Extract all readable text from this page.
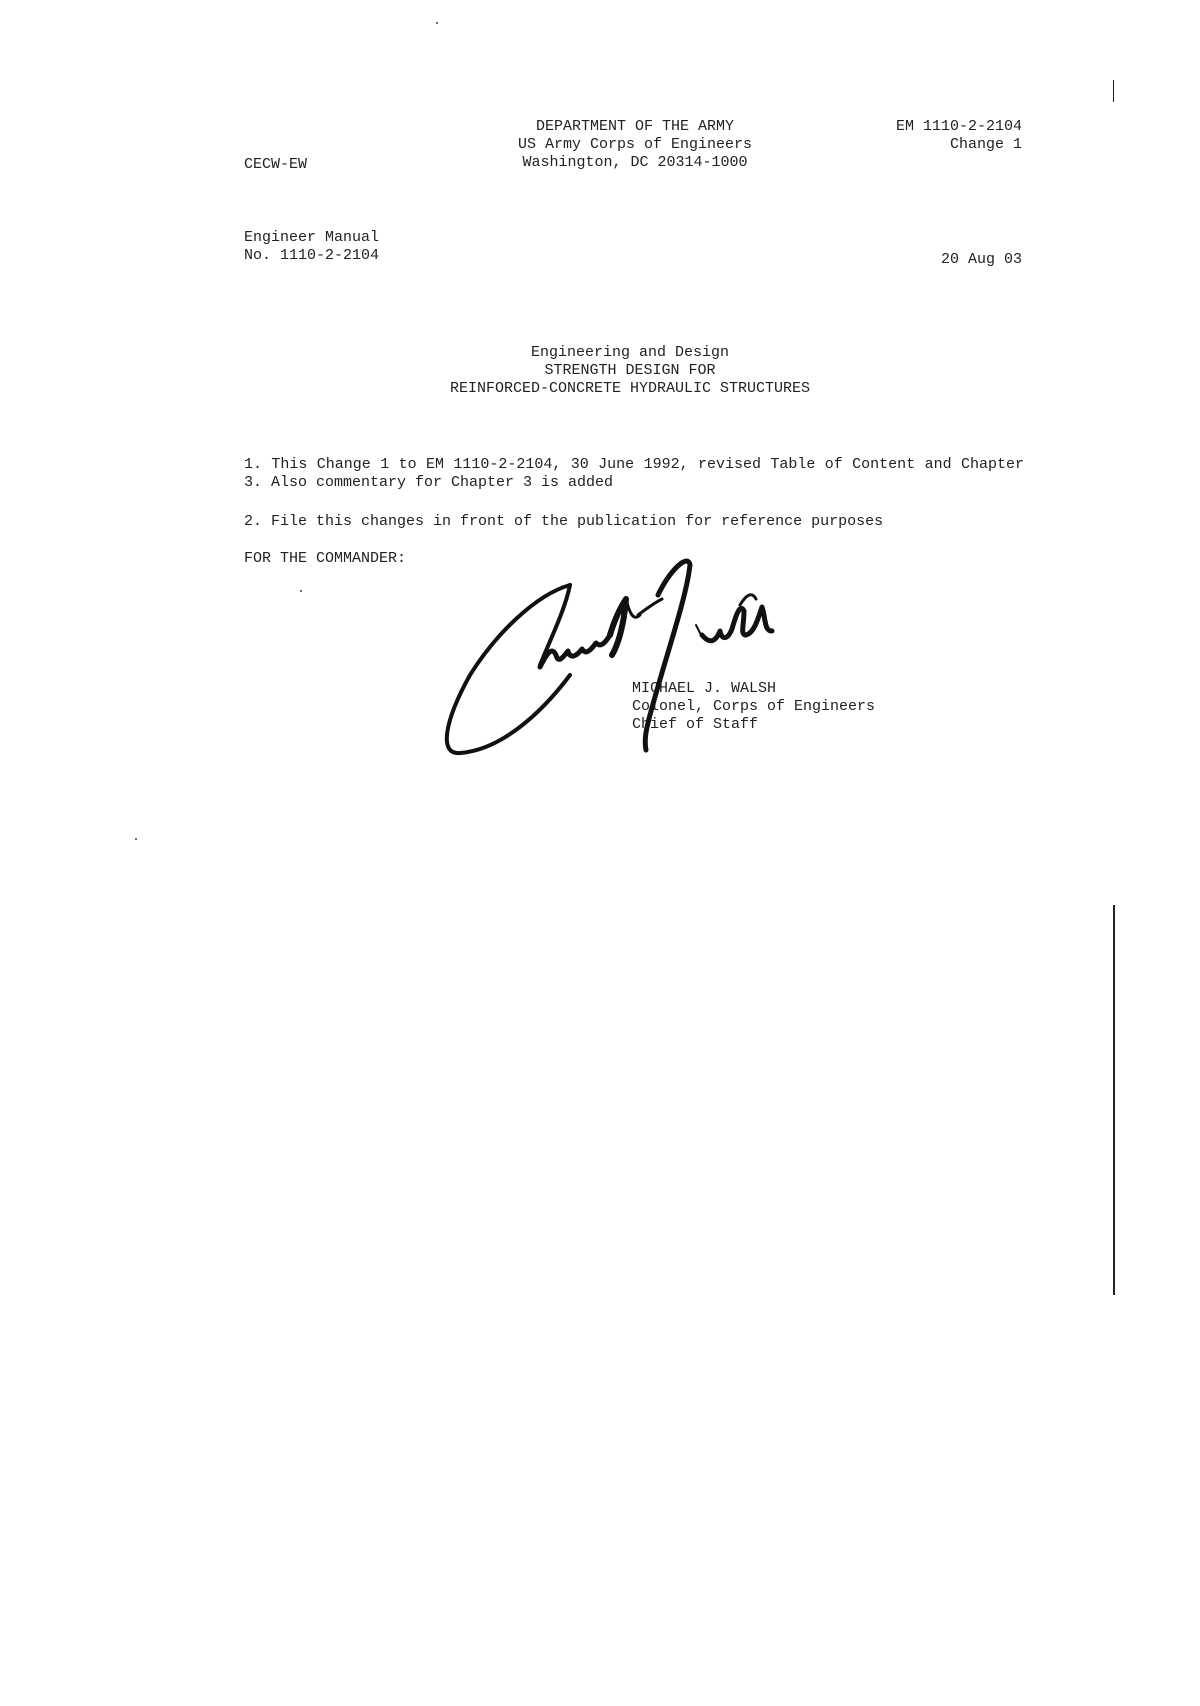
CECW-EW
DEPARTMENT OF THE ARMY
US Army Corps of Engineers
Washington, DC 20314-1000
EM 1110-2-2104
Change 1
Engineer Manual
No. 1110-2-2104	20 Aug 03
Engineering and Design
STRENGTH DESIGN FOR
REINFORCED-CONCRETE HYDRAULIC STRUCTURES
1. This Change 1 to EM 1110-2-2104, 30 June 1992, revised Table of Content and Chapter 3. Also commentary for Chapter 3 is added
2. File this changes in front of the publication for reference purposes
FOR THE COMMANDER:
MICHAEL J. WALSH
Colonel, Corps of Engineers
Chief of Staff
